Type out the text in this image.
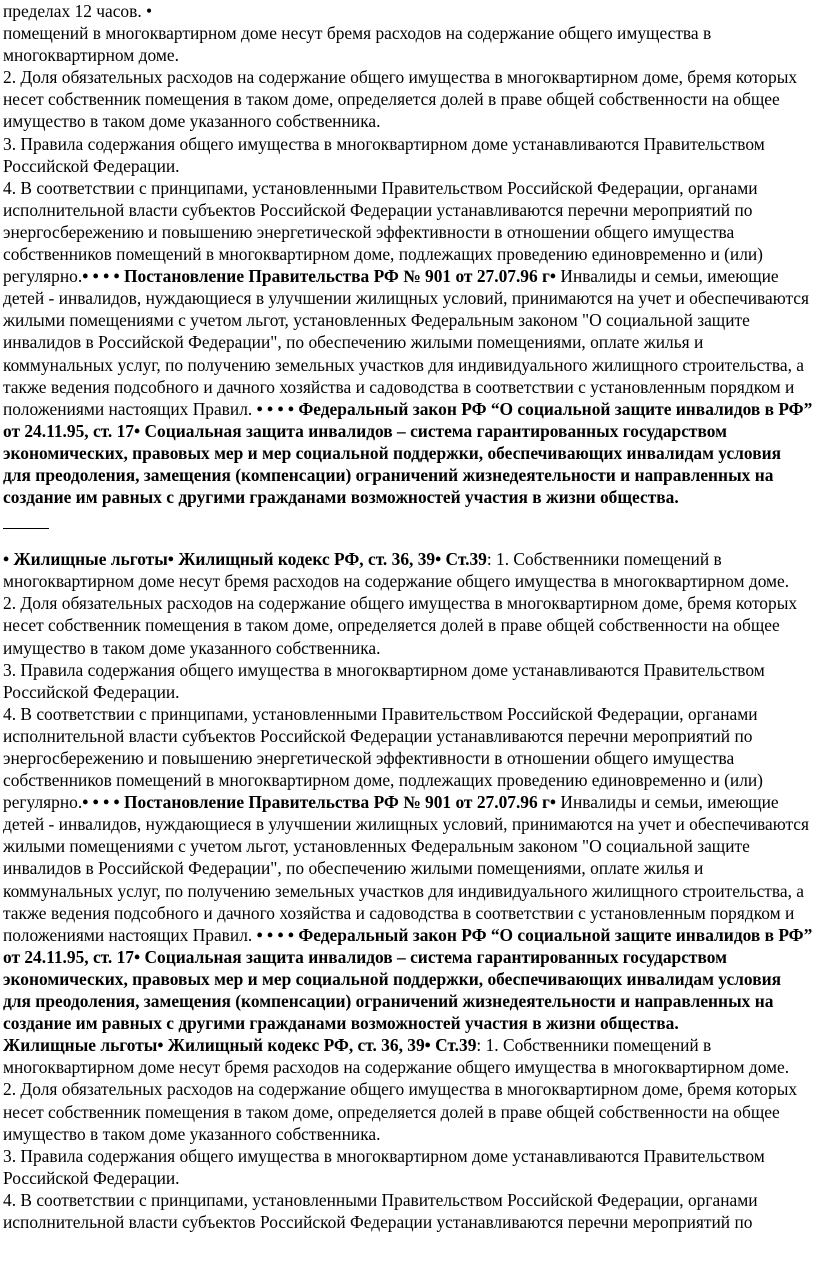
пределах 12 часов. •

помещений в многоквартирном доме несут бремя расходов на содержание общего имущества в многоквартирном доме.

2. Доля обязательных расходов на содержание общего имущества в многоквартирном доме, бремя которых несет собственник помещения в таком доме, определяется долей в праве общей собственности на общее имущество в таком доме указанного собственника.

3. Правила содержания общего имущества в многоквартирном доме устанавливаются Правительством Российской Федерации.

4. В соответствии с принципами, установленными Правительством Российской Федерации, органами исполнительной власти субъектов Российской Федерации устанавливаются перечни мероприятий по энергосбережению и повышению энергетической эффективности в отношении общего имущества собственников помещений в многоквартирном доме, подлежащих проведению единовременно и (или) регулярно.• • • • Постановление Правительства РФ № 901 от 27.07.96 г• Инвалиды и семьи, имеющие детей - инвалидов, нуждающиеся в улучшении жилищных условий, принимаются на учет и обеспечиваются жилыми помещениями с учетом льгот, установленных Федеральным законом "О социальной защите инвалидов в Российской Федерации", по обеспечению жилыми помещениями, оплате жилья и коммунальных услуг, по получению земельных участков для индивидуального жилищного строительства, а также ведения подсобного и дачного хозяйства и садоводства в соответствии с установленным порядком и положениями настоящих Правил. • • • • Федеральный закон РФ “О социальной защите инвалидов в РФ” от 24.11.95, ст. 17• Социальная защита инвалидов – система гарантированных государством экономических, правовых мер и мер социальной поддержки, обеспечивающих инвалидам условия для преодоления, замещения (компенсации) ограничений жизнедеятельности и направленных на создание им равных с другими гражданами возможностей участия в жизни общества.

• Жилищные льготы• Жилищный кодекс РФ, ст. 36, 39• Ст.39: 1. Собственники помещений в многоквартирном доме несут бремя расходов на содержание общего имущества в многоквартирном доме.

2. Доля обязательных расходов на содержание общего имущества в многоквартирном доме, бремя которых несет собственник помещения в таком доме, определяется долей в праве общей собственности на общее имущество в таком доме указанного собственника.

3. Правила содержания общего имущества в многоквартирном доме устанавливаются Правительством Российской Федерации.

4. В соответствии с принципами, установленными Правительством Российской Федерации, органами исполнительной власти субъектов Российской Федерации устанавливаются перечни мероприятий по энергосбережению и повышению энергетической эффективности в отношении общего имущества собственников помещений в многоквартирном доме, подлежащих проведению единовременно и (или) регулярно.• • • • Постановление Правительства РФ № 901 от 27.07.96 г• Инвалиды и семьи, имеющие детей - инвалидов, нуждающиеся в улучшении жилищных условий, принимаются на учет и обеспечиваются жилыми помещениями с учетом льгот, установленных Федеральным законом "О социальной защите инвалидов в Российской Федерации", по обеспечению жилыми помещениями, оплате жилья и коммунальных услуг, по получению земельных участков для индивидуального жилищного строительства, а также ведения подсобного и дачного хозяйства и садоводства в соответствии с установленным порядком и положениями настоящих Правил. • • • • Федеральный закон РФ “О социальной защите инвалидов в РФ” от 24.11.95, ст. 17• Социальная защита инвалидов – система гарантированных государством экономических, правовых мер и мер социальной поддержки, обеспечивающих инвалидам условия для преодоления, замещения (компенсации) ограничений жизнедеятельности и направленных на создание им равных с другими гражданами возможностей участия в жизни общества.

Жилищные льготы• Жилищный кодекс РФ, ст. 36, 39• Ст.39: 1. Собственники помещений в многоквартирном доме несут бремя расходов на содержание общего имущества в многоквартирном доме.

2. Доля обязательных расходов на содержание общего имущества в многоквартирном доме, бремя которых несет собственник помещения в таком доме, определяется долей в праве общей собственности на общее имущество в таком доме указанного собственника.

3. Правила содержания общего имущества в многоквартирном доме устанавливаются Правительством Российской Федерации.

4. В соответствии с принципами, установленными Правительством Российской Федерации, органами исполнительной власти субъектов Российской Федерации устанавливаются перечни мероприятий по
